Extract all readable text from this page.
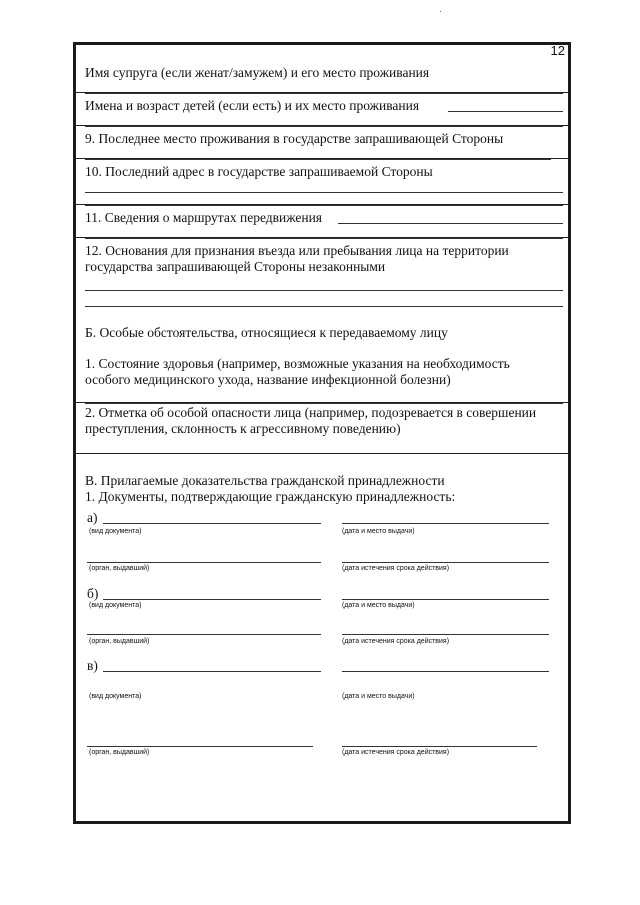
12
Имя супруга (если женат/замужем) и его место проживания
Имена и возраст детей (если есть) и их место проживания
9. Последнее место проживания в государстве запрашивающей Стороны
10. Последний адрес в государстве запрашиваемой Стороны
11. Сведения о маршрутах передвижения
12. Основания для признания въезда или пребывания лица на территории
государства запрашивающей Стороны незаконными
Б. Особые обстоятельства, относящиеся к передаваемому лицу
1. Состояние здоровья (например, возможные указания на необходимость
особого медицинского ухода, название инфекционной болезни)
2. Отметка об особой опасности лица (например, подозревается в совершении
преступления, склонность к агрессивному поведению)
В. Прилагаемые доказательства гражданской принадлежности
1. Документы, подтверждающие гражданскую принадлежность:
а)
(вид документа)	(дата и место выдачи)
(орган, выдавший)	(дата истечения срока действия)
б)
(вид документа)	(дата и место выдачи)
(орган, выдавший)	(дата истечения срока действия)
в)
(вид документа)	(дата и место выдачи)
(орган, выдавший)	(дата истечения срока действия)
